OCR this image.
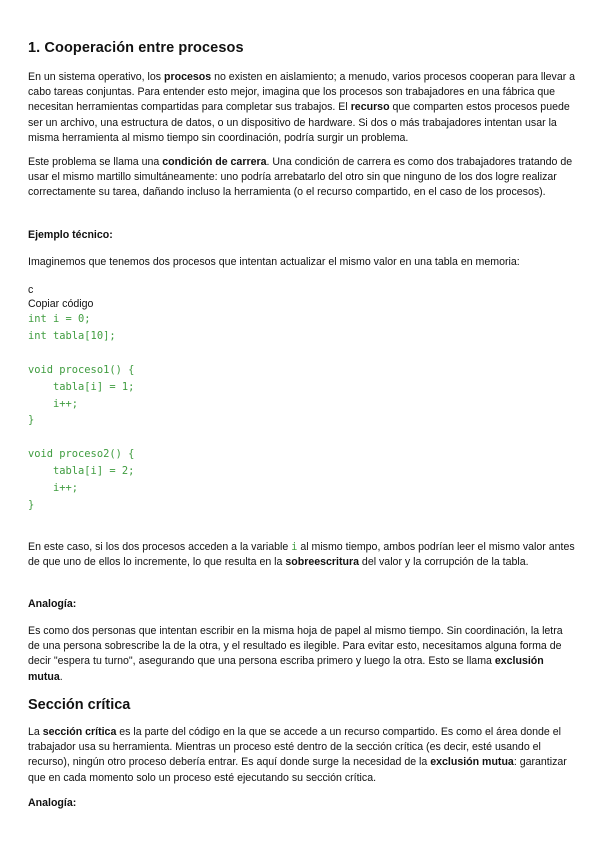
1. Cooperación entre procesos

En un sistema operativo, los procesos no existen en aislamiento; a menudo, varios procesos cooperan para llevar a cabo tareas conjuntas. Para entender esto mejor, imagina que los procesos son trabajadores en una fábrica que necesitan herramientas compartidas para completar sus trabajos. El recurso que comparten estos procesos puede ser un archivo, una estructura de datos, o un dispositivo de hardware. Si dos o más trabajadores intentan usar la misma herramienta al mismo tiempo sin coordinación, podría surgir un problema.

Este problema se llama una condición de carrera. Una condición de carrera es como dos trabajadores tratando de usar el mismo martillo simultáneamente: uno podría arrebatarlo del otro sin que ninguno de los dos logre realizar correctamente su tarea, dañando incluso la herramienta (o el recurso compartido, en el caso de los procesos).

Ejemplo técnico:

Imaginemos que tenemos dos procesos que intentan actualizar el mismo valor en una tabla en memoria:

c
Copiar código
int i = 0;
int tabla[10];

void proceso1() {
tabla[i] = 1;
i++;
}

void proceso2() {
tabla[i] = 2;
i++;
}

En este caso, si los dos procesos acceden a la variable i al mismo tiempo, ambos podrían leer el mismo valor antes de que uno de ellos lo incremente, lo que resulta en la sobreescritura del valor y la corrupción de la tabla.

Analogía:

Es como dos personas que intentan escribir en la misma hoja de papel al mismo tiempo. Sin coordinación, la letra de una persona sobrescribe la de la otra, y el resultado es ilegible. Para evitar esto, necesitamos alguna forma de decir "espera tu turno", asegurando que una persona escriba primero y luego la otra. Esto se llama exclusión mutua.

Sección crítica

La sección crítica es la parte del código en la que se accede a un recurso compartido. Es como el área donde el trabajador usa su herramienta. Mientras un proceso esté dentro de la sección crítica (es decir, esté usando el recurso), ningún otro proceso debería entrar. Es aquí donde surge la necesidad de la exclusión mutua: garantizar que en cada momento solo un proceso esté ejecutando su sección crítica.

Analogía:
